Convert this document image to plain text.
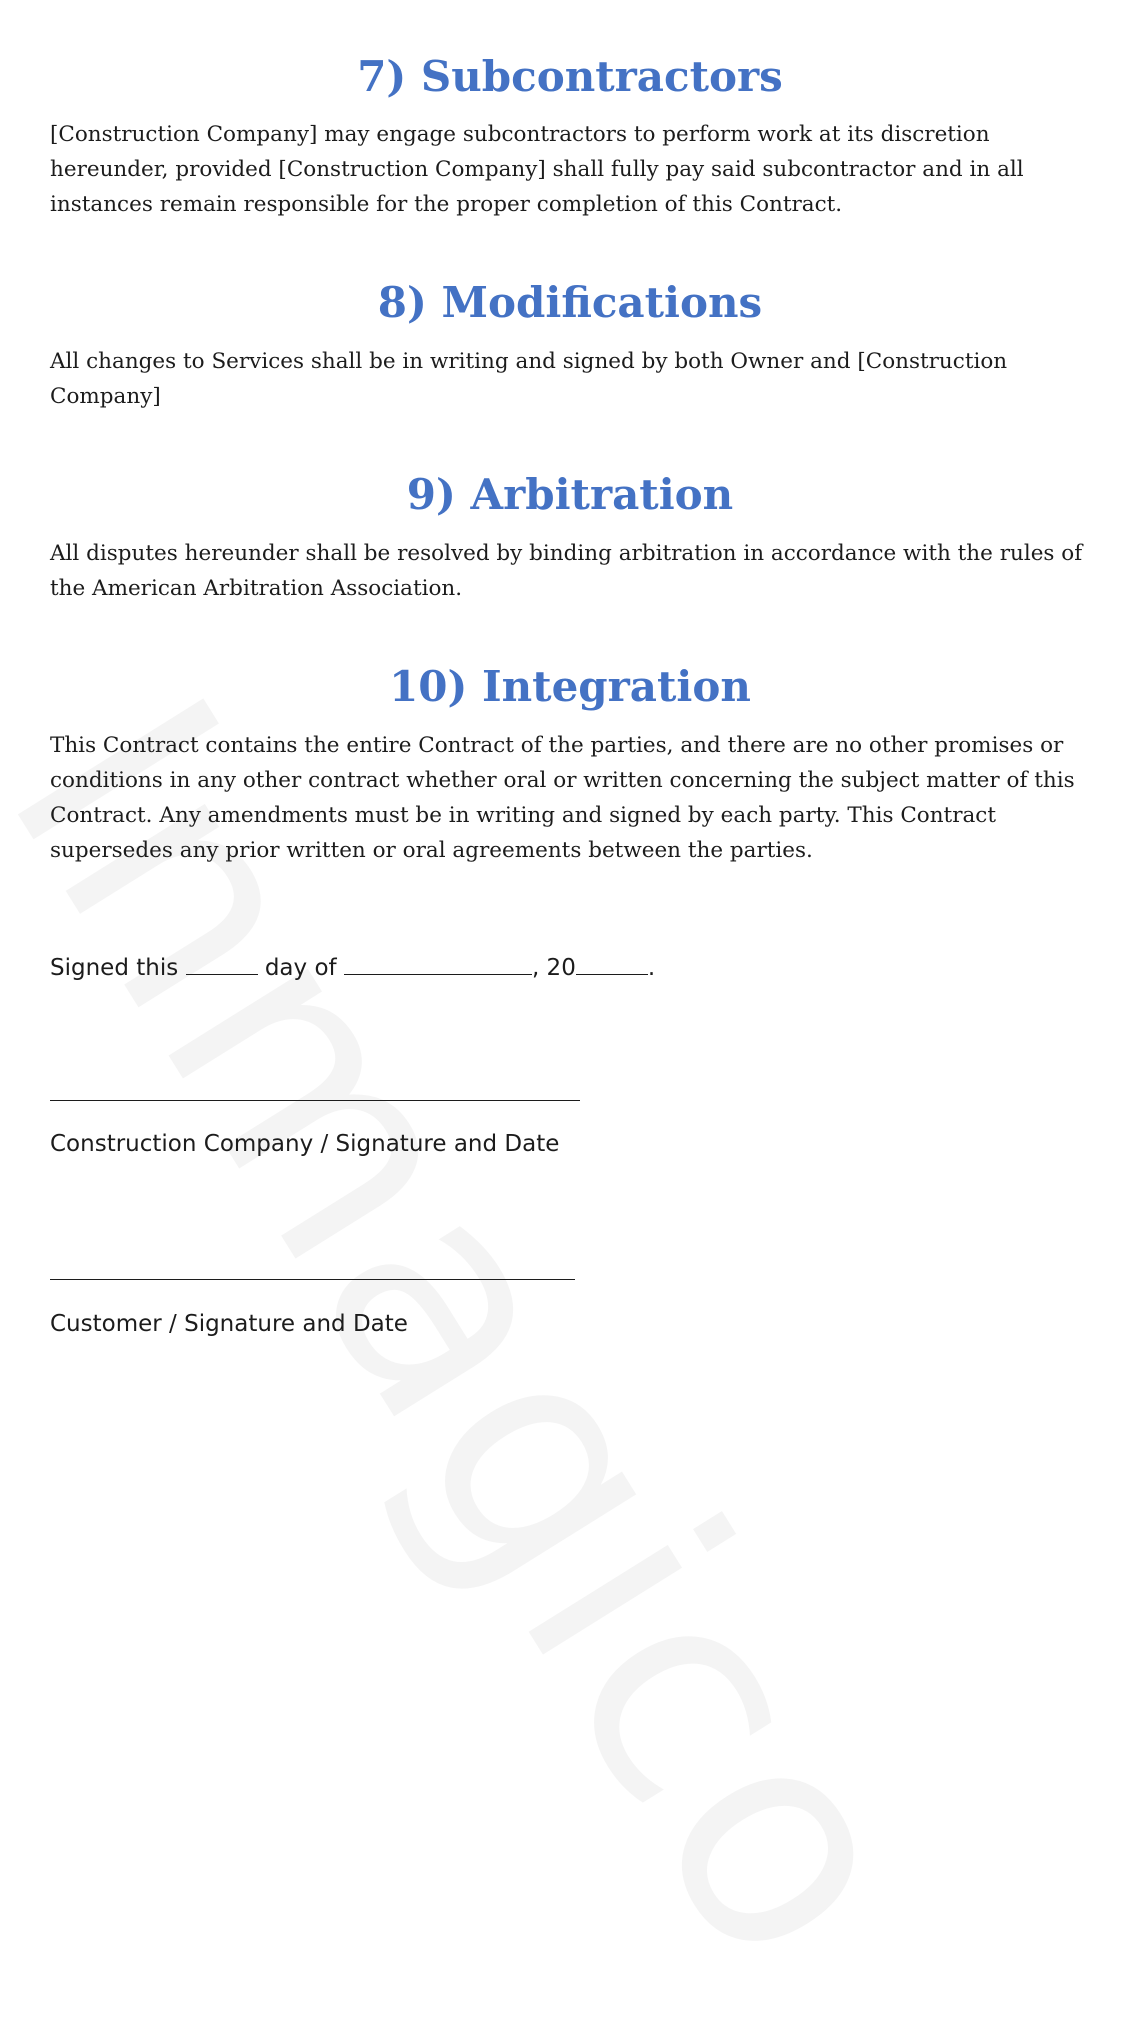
7) Subcontractors

[Construction Company] may engage subcontractors to perform work at its discretion hereunder, provided [Construction Company] shall fully pay said subcontractor and in all instances remain responsible for the proper completion of this Contract.

8) Modifications

All changes to Services shall be in writing and signed by both Owner and [Construction Company]

9) Arbitration

All disputes hereunder shall be resolved by binding arbitration in accordance with the rules of the American Arbitration Association.

10) Integration

This Contract contains the entire Contract of the parties, and there are no other promises or conditions in any other contract whether oral or written concerning the subject matter of this Contract. Any amendments must be in writing and signed by each party. This Contract supersedes any prior written or oral agreements between the parties.

Signed this	day of	, 20	.
Construction Company / Signature and Date
Customer / Signature and Date
